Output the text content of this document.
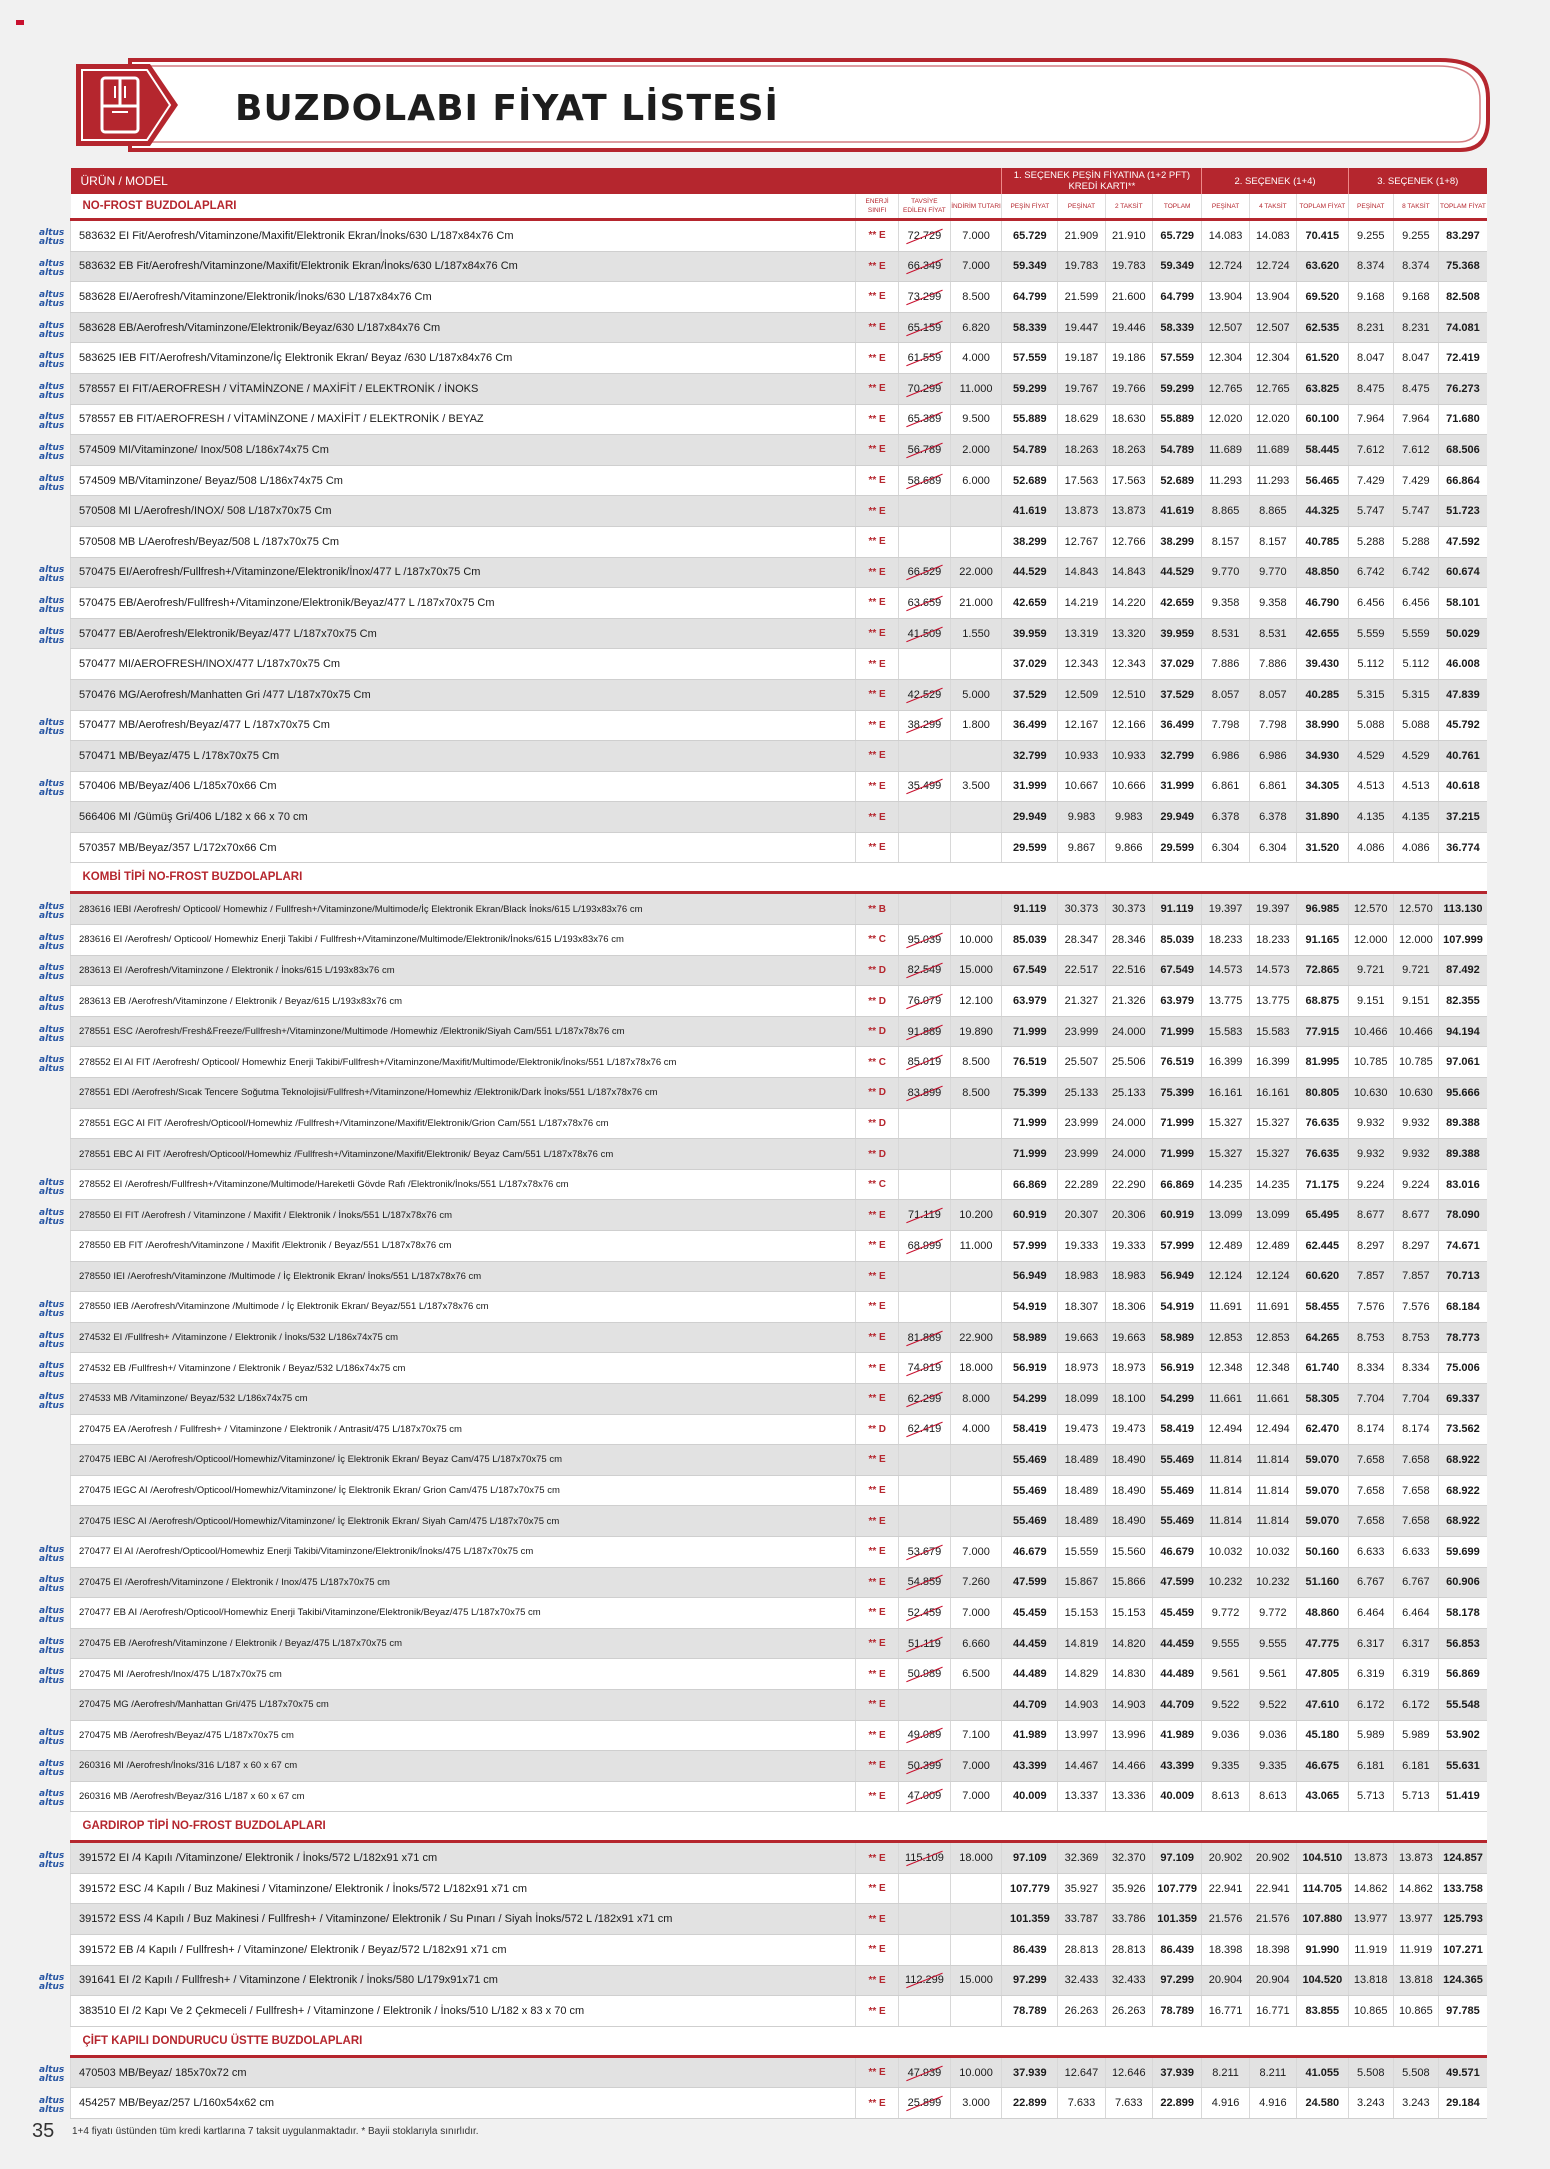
BUZDOLABI FİYAT LİSTESİ
altus
altus
altus
altus
altus
altus
altus
altus
altus
altus
altus
altus
altus
altus
altus
altus
altus
altus
altus
altus
altus
altus
altus
altus
altus
altus
altus
altus
altus
altus
altus
altus
altus
altus
altus
altus
altus
altus
altus
altus
altus
altus
altus
altus
altus
altus
altus
altus
altus
altus
altus
altus
altus
altus
altus
altus
altus
altus
altus
altus
altus
altus
altus
altus
altus
altus
altus
altus
altus
altus
altus
altus
altus
altus
altus
altus
ÜRÜN / MODEL				1. SEÇENEK PEŞİN FİYATINA (1+2 PFT) KREDİ KARTI**				2. SEÇENEK (1+4)			3. SEÇENEK (1+8)		
NO-FROST BUZDOLAPLARI	ENERJİ SINIFI	TAVSİYE EDİLEN FİYAT	İNDİRİM TUTARI	PEŞİN FİYAT	PEŞİNAT	2 TAKSİT	TOPLAM	PEŞİNAT	4 TAKSİT	TOPLAM FİYAT	PEŞİNAT	8 TAKSİT	TOPLAM FİYAT
583632 EI Fit/Aerofresh/Vitaminzone/Maxifit/Elektronik Ekran/İnoks/630 L/187x84x76 Cm	** E	72.729	7.000	65.729	21.909	21.910	65.729	14.083	14.083	70.415	9.255	9.255	83.297
583632 EB Fit/Aerofresh/Vitaminzone/Maxifit/Elektronik Ekran/İnoks/630 L/187x84x76 Cm	** E	66.349	7.000	59.349	19.783	19.783	59.349	12.724	12.724	63.620	8.374	8.374	75.368
583628 EI/Aerofresh/Vitaminzone/Elektronik/İnoks/630 L/187x84x76 Cm	** E	73.299	8.500	64.799	21.599	21.600	64.799	13.904	13.904	69.520	9.168	9.168	82.508
583628 EB/Aerofresh/Vitaminzone/Elektronik/Beyaz/630 L/187x84x76 Cm	** E	65.159	6.820	58.339	19.447	19.446	58.339	12.507	12.507	62.535	8.231	8.231	74.081
583625 IEB FIT/Aerofresh/Vitaminzone/İç Elektronik Ekran/ Beyaz /630 L/187x84x76 Cm	** E	61.559	4.000	57.559	19.187	19.186	57.559	12.304	12.304	61.520	8.047	8.047	72.419
578557 EI FIT/AEROFRESH / VİTAMİNZONE / MAXİFİT / ELEKTRONİK / İNOKS	** E	70.299	11.000	59.299	19.767	19.766	59.299	12.765	12.765	63.825	8.475	8.475	76.273
578557 EB FIT/AEROFRESH / VİTAMİNZONE / MAXİFİT / ELEKTRONİK / BEYAZ	** E	65.389	9.500	55.889	18.629	18.630	55.889	12.020	12.020	60.100	7.964	7.964	71.680
574509 MI/Vitaminzone/ Inox/508 L/186x74x75 Cm	** E	56.789	2.000	54.789	18.263	18.263	54.789	11.689	11.689	58.445	7.612	7.612	68.506
574509 MB/Vitaminzone/ Beyaz/508 L/186x74x75 Cm	** E	58.689	6.000	52.689	17.563	17.563	52.689	11.293	11.293	56.465	7.429	7.429	66.864
570508 MI L/Aerofresh/INOX/ 508 L/187x70x75 Cm	** E			41.619	13.873	13.873	41.619	8.865	8.865	44.325	5.747	5.747	51.723
570508 MB L/Aerofresh/Beyaz/508 L /187x70x75 Cm	** E			38.299	12.767	12.766	38.299	8.157	8.157	40.785	5.288	5.288	47.592
570475 EI/Aerofresh/Fullfresh+/Vitaminzone/Elektronik/İnox/477 L /187x70x75 Cm	** E	66.529	22.000	44.529	14.843	14.843	44.529	9.770	9.770	48.850	6.742	6.742	60.674
570475 EB/Aerofresh/Fullfresh+/Vitaminzone/Elektronik/Beyaz/477 L /187x70x75 Cm	** E	63.659	21.000	42.659	14.219	14.220	42.659	9.358	9.358	46.790	6.456	6.456	58.101
570477 EB/Aerofresh/Elektronik/Beyaz/477 L/187x70x75 Cm	** E	41.509	1.550	39.959	13.319	13.320	39.959	8.531	8.531	42.655	5.559	5.559	50.029
570477 MI/AEROFRESH/INOX/477 L/187x70x75 Cm	** E			37.029	12.343	12.343	37.029	7.886	7.886	39.430	5.112	5.112	46.008
570476 MG/Aerofresh/Manhatten Gri /477 L/187x70x75 Cm	** E	42.529	5.000	37.529	12.509	12.510	37.529	8.057	8.057	40.285	5.315	5.315	47.839
570477 MB/Aerofresh/Beyaz/477 L /187x70x75 Cm	** E	38.299	1.800	36.499	12.167	12.166	36.499	7.798	7.798	38.990	5.088	5.088	45.792
570471 MB/Beyaz/475 L /178x70x75 Cm	** E			32.799	10.933	10.933	32.799	6.986	6.986	34.930	4.529	4.529	40.761
570406 MB/Beyaz/406 L/185x70x66 Cm	** E	35.499	3.500	31.999	10.667	10.666	31.999	6.861	6.861	34.305	4.513	4.513	40.618
566406 MI /Gümüş Gri/406 L/182 x 66 x 70 cm	** E			29.949	9.983	9.983	29.949	6.378	6.378	31.890	4.135	4.135	37.215
570357 MB/Beyaz/357 L/172x70x66 Cm	** E			29.599	9.867	9.866	29.599	6.304	6.304	31.520	4.086	4.086	36.774
KOMBİ TİPİ NO-FROST BUZDOLAPLARI													
283616 IEBI /Aerofresh/ Opticool/ Homewhiz / Fullfresh+/Vitaminzone/Multimode/İç Elektronik Ekran/Black İnoks/615 L/193x83x76 cm	** B			91.119	30.373	30.373	91.119	19.397	19.397	96.985	12.570	12.570	113.130
283616 EI /Aerofresh/ Opticool/ Homewhiz Enerji Takibi / Fullfresh+/Vitaminzone/Multimode/Elektronik/İnoks/615 L/193x83x76 cm	** C	95.039	10.000	85.039	28.347	28.346	85.039	18.233	18.233	91.165	12.000	12.000	107.999
283613 EI /Aerofresh/Vitaminzone / Elektronik / İnoks/615 L/193x83x76 cm	** D	82.549	15.000	67.549	22.517	22.516	67.549	14.573	14.573	72.865	9.721	9.721	87.492
283613 EB /Aerofresh/Vitaminzone / Elektronik / Beyaz/615 L/193x83x76 cm	** D	76.079	12.100	63.979	21.327	21.326	63.979	13.775	13.775	68.875	9.151	9.151	82.355
278551 ESC /Aerofresh/Fresh&Freeze/Fullfresh+/Vitaminzone/Multimode /Homewhiz /Elektronik/Siyah Cam/551 L/187x78x76 cm	** D	91.889	19.890	71.999	23.999	24.000	71.999	15.583	15.583	77.915	10.466	10.466	94.194
278552 EI AI FIT /Aerofresh/ Opticool/ Homewhiz Enerji Takibi/Fullfresh+/Vitaminzone/Maxifit/Multimode/Elektronik/İnoks/551 L/187x78x76 cm	** C	85.019	8.500	76.519	25.507	25.506	76.519	16.399	16.399	81.995	10.785	10.785	97.061
278551 EDI /Aerofresh/Sıcak Tencere Soğutma Teknolojisi/Fullfresh+/Vitaminzone/Homewhiz /Elektronik/Dark İnoks/551 L/187x78x76 cm	** D	83.899	8.500	75.399	25.133	25.133	75.399	16.161	16.161	80.805	10.630	10.630	95.666
278551 EGC AI FIT /Aerofresh/Opticool/Homewhiz /Fullfresh+/Vitaminzone/Maxifit/Elektronik/Grion Cam/551 L/187x78x76 cm	** D			71.999	23.999	24.000	71.999	15.327	15.327	76.635	9.932	9.932	89.388
278551 EBC AI FIT /Aerofresh/Opticool/Homewhiz /Fullfresh+/Vitaminzone/Maxifit/Elektronik/ Beyaz Cam/551 L/187x78x76 cm	** D			71.999	23.999	24.000	71.999	15.327	15.327	76.635	9.932	9.932	89.388
278552 EI /Aerofresh/Fullfresh+/Vitaminzone/Multimode/Hareketli Gövde Rafı /Elektronik/İnoks/551 L/187x78x76 cm	** C			66.869	22.289	22.290	66.869	14.235	14.235	71.175	9.224	9.224	83.016
278550 EI FIT /Aerofresh / Vitaminzone / Maxifit / Elektronik / İnoks/551 L/187x78x76 cm	** E	71.119	10.200	60.919	20.307	20.306	60.919	13.099	13.099	65.495	8.677	8.677	78.090
278550 EB FIT /Aerofresh/Vitaminzone / Maxifit /Elektronik / Beyaz/551 L/187x78x76 cm	** E	68.999	11.000	57.999	19.333	19.333	57.999	12.489	12.489	62.445	8.297	8.297	74.671
278550 IEI /Aerofresh/Vitaminzone /Multimode / İç Elektronik Ekran/ İnoks/551 L/187x78x76 cm	** E			56.949	18.983	18.983	56.949	12.124	12.124	60.620	7.857	7.857	70.713
278550 IEB /Aerofresh/Vitaminzone /Multimode / İç Elektronik Ekran/ Beyaz/551 L/187x78x76 cm	** E			54.919	18.307	18.306	54.919	11.691	11.691	58.455	7.576	7.576	68.184
274532 EI /Fullfresh+ /Vitaminzone / Elektronik / İnoks/532 L/186x74x75 cm	** E	81.889	22.900	58.989	19.663	19.663	58.989	12.853	12.853	64.265	8.753	8.753	78.773
274532 EB /Fullfresh+/ Vitaminzone / Elektronik / Beyaz/532 L/186x74x75 cm	** E	74.919	18.000	56.919	18.973	18.973	56.919	12.348	12.348	61.740	8.334	8.334	75.006
274533 MB /Vitaminzone/ Beyaz/532 L/186x74x75 cm	** E	62.299	8.000	54.299	18.099	18.100	54.299	11.661	11.661	58.305	7.704	7.704	69.337
270475 EA /Aerofresh / Fullfresh+ / Vitaminzone / Elektronik / Antrasit/475 L/187x70x75 cm	** D	62.419	4.000	58.419	19.473	19.473	58.419	12.494	12.494	62.470	8.174	8.174	73.562
270475 IEBC AI /Aerofresh/Opticool/Homewhiz/Vitaminzone/ İç Elektronik Ekran/ Beyaz Cam/475 L/187x70x75 cm	** E			55.469	18.489	18.490	55.469	11.814	11.814	59.070	7.658	7.658	68.922
270475 IEGC AI /Aerofresh/Opticool/Homewhiz/Vitaminzone/ İç Elektronik Ekran/ Grion Cam/475 L/187x70x75 cm	** E			55.469	18.489	18.490	55.469	11.814	11.814	59.070	7.658	7.658	68.922
270475 IESC AI /Aerofresh/Opticool/Homewhiz/Vitaminzone/ İç Elektronik Ekran/ Siyah Cam/475 L/187x70x75 cm	** E			55.469	18.489	18.490	55.469	11.814	11.814	59.070	7.658	7.658	68.922
270477 EI AI /Aerofresh/Opticool/Homewhiz Enerji Takibi/Vitaminzone/Elektronik/İnoks/475 L/187x70x75 cm	** E	53.679	7.000	46.679	15.559	15.560	46.679	10.032	10.032	50.160	6.633	6.633	59.699
270475 EI /Aerofresh/Vitaminzone / Elektronik / Inox/475 L/187x70x75 cm	** E	54.859	7.260	47.599	15.867	15.866	47.599	10.232	10.232	51.160	6.767	6.767	60.906
270477 EB AI /Aerofresh/Opticool/Homewhiz Enerji Takibi/Vitaminzone/Elektronik/Beyaz/475 L/187x70x75 cm	** E	52.459	7.000	45.459	15.153	15.153	45.459	9.772	9.772	48.860	6.464	6.464	58.178
270475 EB /Aerofresh/Vitaminzone / Elektronik / Beyaz/475 L/187x70x75 cm	** E	51.119	6.660	44.459	14.819	14.820	44.459	9.555	9.555	47.775	6.317	6.317	56.853
270475 MI /Aerofresh/Inox/475 L/187x70x75 cm	** E	50.989	6.500	44.489	14.829	14.830	44.489	9.561	9.561	47.805	6.319	6.319	56.869
270475 MG /Aerofresh/Manhattan Gri/475 L/187x70x75 cm	** E			44.709	14.903	14.903	44.709	9.522	9.522	47.610	6.172	6.172	55.548
270475 MB /Aerofresh/Beyaz/475 L/187x70x75 cm	** E	49.089	7.100	41.989	13.997	13.996	41.989	9.036	9.036	45.180	5.989	5.989	53.902
260316 MI /Aerofresh/İnoks/316 L/187 x 60 x 67 cm	** E	50.399	7.000	43.399	14.467	14.466	43.399	9.335	9.335	46.675	6.181	6.181	55.631
260316 MB /Aerofresh/Beyaz/316 L/187 x 60 x 67 cm	** E	47.009	7.000	40.009	13.337	13.336	40.009	8.613	8.613	43.065	5.713	5.713	51.419
GARDIROP TİPİ NO-FROST BUZDOLAPLARI													
391572 EI /4 Kapılı /Vitaminzone/ Elektronik / İnoks/572 L/182x91 x71 cm	** E	115.109	18.000	97.109	32.369	32.370	97.109	20.902	20.902	104.510	13.873	13.873	124.857
391572 ESC /4 Kapılı / Buz Makinesi / Vitaminzone/ Elektronik / İnoks/572 L/182x91 x71 cm	** E			107.779	35.927	35.926	107.779	22.941	22.941	114.705	14.862	14.862	133.758
391572 ESS /4 Kapılı / Buz Makinesi / Fullfresh+ / Vitaminzone/ Elektronik / Su Pınarı / Siyah İnoks/572 L /182x91 x71 cm	** E			101.359	33.787	33.786	101.359	21.576	21.576	107.880	13.977	13.977	125.793
391572 EB /4 Kapılı / Fullfresh+ / Vitaminzone/ Elektronik / Beyaz/572 L/182x91 x71 cm	** E			86.439	28.813	28.813	86.439	18.398	18.398	91.990	11.919	11.919	107.271
391641 EI /2 Kapılı / Fullfresh+ / Vitaminzone / Elektronik / İnoks/580 L/179x91x71 cm	** E	112.299	15.000	97.299	32.433	32.433	97.299	20.904	20.904	104.520	13.818	13.818	124.365
383510 EI /2 Kapı Ve 2 Çekmeceli / Fullfresh+ / Vitaminzone / Elektronik / İnoks/510 L/182 x 83 x 70 cm	** E			78.789	26.263	26.263	78.789	16.771	16.771	83.855	10.865	10.865	97.785
ÇİFT KAPILI DONDURUCU ÜSTTE BUZDOLAPLARI													
470503 MB/Beyaz/ 185x70x72 cm	** E	47.939	10.000	37.939	12.647	12.646	37.939	8.211	8.211	41.055	5.508	5.508	49.571
454257 MB/Beyaz/257 L/160x54x62 cm	** E	25.899	3.000	22.899	7.633	7.633	22.899	4.916	4.916	24.580	3.243	3.243	29.184
35 1+4 fiyatı üstünden tüm kredi kartlarına 7 taksit uygulanmaktadır. * Bayii stoklarıyla sınırlıdır.
